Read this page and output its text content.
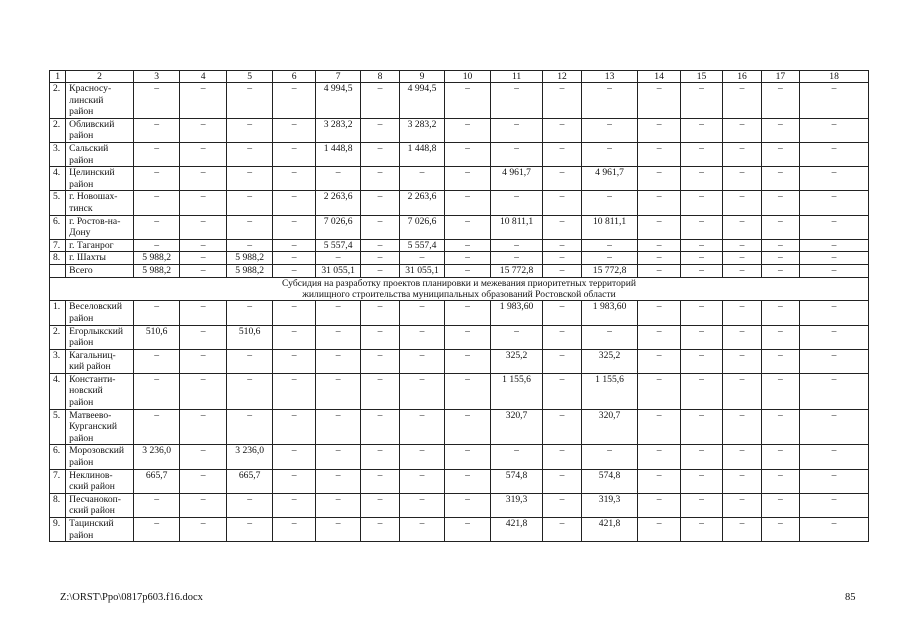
1	2	3	4	5	6	7	8	9	10	11	12	13	14	15	16	17	18
2.	Красносу-
линский
район	–	–	–	–	4 994,5	–	4 994,5	–	–	–	–	–	–	–	–	–
2.	Обливский
район	–	–	–	–	3 283,2	–	3 283,2	–	–	–	–	–	–	–	–	–
3.	Сальский
район	–	–	–	–	1 448,8	–	1 448,8	–	–	–	–	–	–	–	–	–
4.	Целинский
район	–	–	–	–	–	–	–	–	4 961,7	–	4 961,7	–	–	–	–	–
5.	г. Новошах-
тинск	–	–	–	–	2 263,6	–	2 263,6	–	–	–	–	–	–	–	–	–
6.	г. Ростов-на-
Дону	–	–	–	–	7 026,6	–	7 026,6	–	10 811,1	–	10 811,1	–	–	–	–	–
7.	г. Таганрог	–	–	–	–	5 557,4	–	5 557,4	–	–	–	–	–	–	–	–	–
8.	г. Шахты	5 988,2	–	5 988,2	–	–	–	–	–	–	–	–	–	–	–	–	–
	Всего	5 988,2	–	5 988,2	–	31 055,1	–	31 055,1	–	15 772,8	–	15 772,8	–	–	–	–	–
Субсидия на разработку проектов планировки и межевания приоритетных территорий
жилищного строительства муниципальных образований Ростовской области																	
1.	Веселовский
район	–	–	–	–	–	–	–	–	1 983,60	–	1 983,60	–	–	–	–	–
2.	Егорлыкский
район	510,6	–	510,6	–	–	–	–	–	–	–	–	–	–	–	–	–
3.	Кагальниц-
кий район	–	–	–	–	–	–	–	–	325,2	–	325,2	–	–	–	–	–
4.	Константи-
новский
район	–	–	–	–	–	–	–	–	1 155,6	–	1 155,6	–	–	–	–	–
5.	Матвеево-
Курганский
район	–	–	–	–	–	–	–	–	320,7	–	320,7	–	–	–	–	–
6.	Морозовский
район	3 236,0	–	3 236,0	–	–	–	–	–	–	–	–	–	–	–	–	–
7.	Неклинов-
ский район	665,7	–	665,7	–	–	–	–	–	574,8	–	574,8	–	–	–	–	–
8.	Песчанокоп-
ский район	–	–	–	–	–	–	–	–	319,3	–	319,3	–	–	–	–	–
9.	Тацинский
район	–	–	–	–	–	–	–	–	421,8	–	421,8	–	–	–	–	–
Z:\ORST\Ppo\0817p603.f16.docx	85
